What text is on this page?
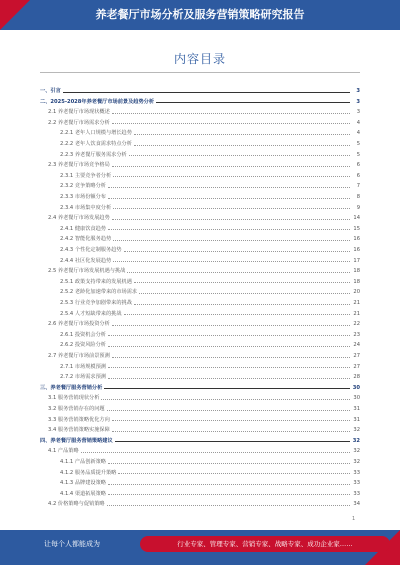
养老餐厅市场分析及服务营销策略研究报告
内容目录
一、引言	3
二、2025-2028年养老餐厅市场前景及趋势分析	3
2.1 养老餐厅市场现状概述	3
2.2 养老餐厅市场需求分析	4
2.2.1 老年人口规模与增长趋势	4
2.2.2 老年人饮食需求特点分析	5
2.2.3 养老餐厅服务需求分析	5
2.3 养老餐厅市场竞争格局	6
2.3.1 主要竞争者分析	6
2.3.2 竞争策略分析	7
2.3.3 市场份额分布	8
2.3.4 市场集中度分析	9
2.4 养老餐厅市场发展趋势	14
2.4.1 健康饮食趋势	15
2.4.2 智能化服务趋势	16
2.4.3 个性化定制服务趋势	16
2.4.4 社区化发展趋势	17
2.5 养老餐厅市场发展机遇与挑战	18
2.5.1 政策支持带来的发展机遇	18
2.5.2 老龄化加速带来的市场需求	20
2.5.3 行业竞争加剧带来的挑战	21
2.5.4 人才短缺带来的挑战	21
2.6 养老餐厅市场投资分析	22
2.6.1 投资机会分析	23
2.6.2 投资风险分析	24
2.7 养老餐厅市场前景预测	27
2.7.1 市场规模预测	27
2.7.2 市场需求预测	28
三、养老餐厅服务营销分析	30
3.1 服务营销现状分析	30
3.2 服务营销存在的问题	31
3.3 服务营销策略优化方向	31
3.4 服务营销策略实施保障	32
四、养老餐厅服务营销策略建议	32
4.1 产品策略	32
4.1.1 产品创新策略	32
4.1.2 服务品质提升策略	33
4.1.3 品牌建设策略	33
4.1.4 渠道拓展策略	33
4.2 价格策略与促销策略	34
1
让每个人都能成为	行业专家、管理专家、营销专家、战略专家、成功企业家……
